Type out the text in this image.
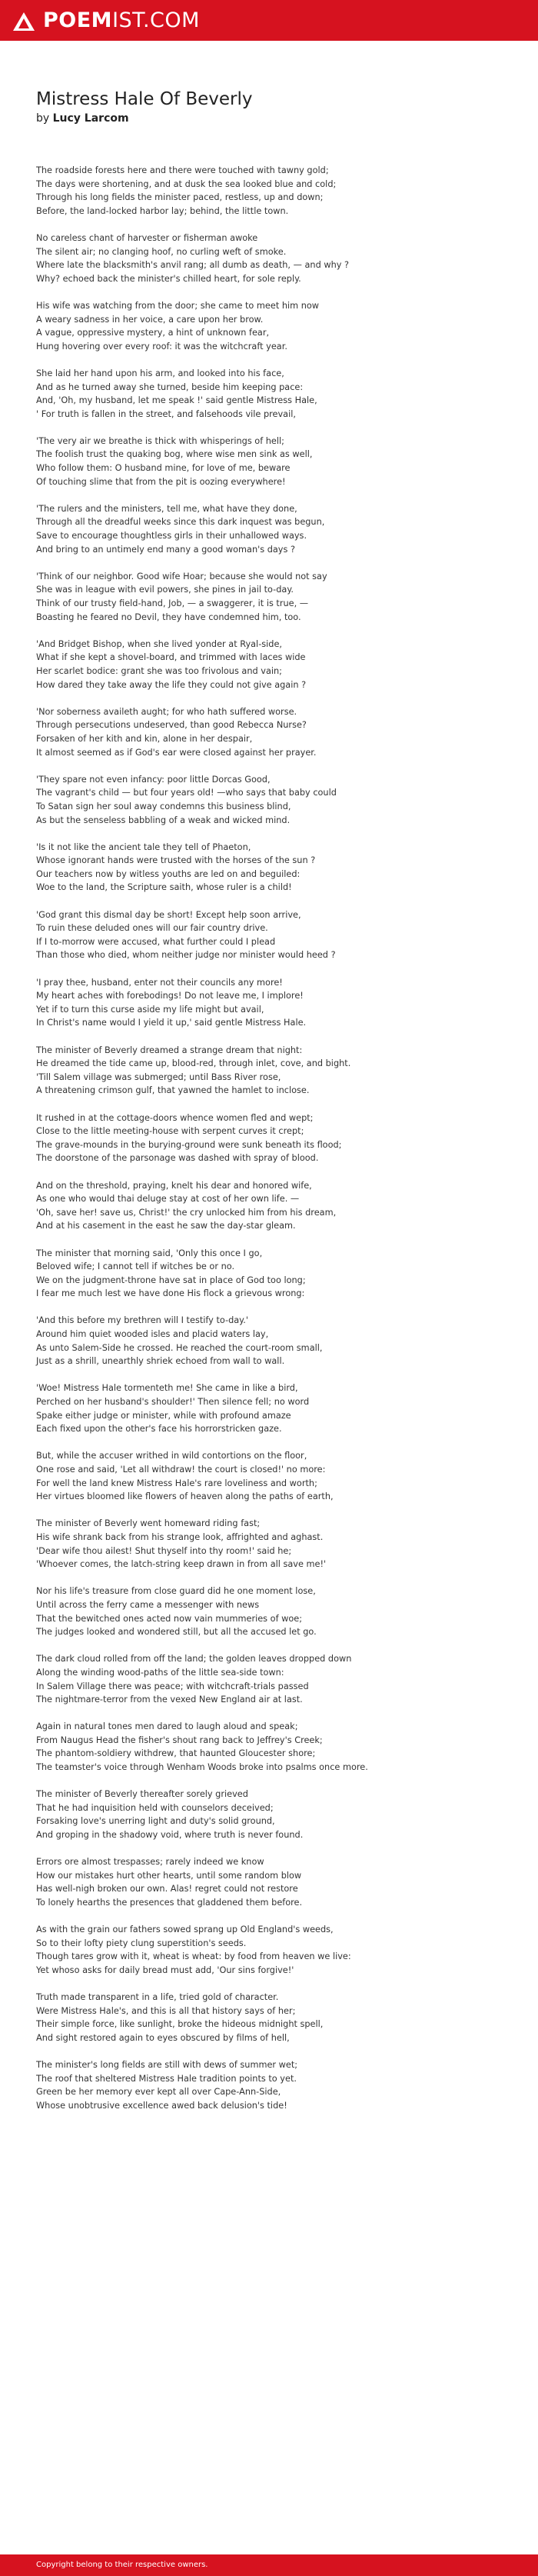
POEMIST.COM
Mistress Hale Of Beverly

by Lucy Larcom

The roadside forests here and there were touched with tawny gold;
The days were shortening, and at dusk the sea looked blue and cold;
Through his long fields the minister paced, restless, up and down;
Before, the land-locked harbor lay; behind, the little town.

No careless chant of harvester or fisherman awoke
The silent air; no clanging hoof, no curling weft of smoke.
Where late the blacksmith's anvil rang; all dumb as death, — and why ?
Why? echoed back the minister's chilled heart, for sole reply.

His wife was watching from the door; she came to meet him now
A weary sadness in her voice, a care upon her brow.
A vague, oppressive mystery, a hint of unknown fear,
Hung hovering over every roof: it was the witchcraft year.

She laid her hand upon his arm, and looked into his face,
And as he turned away she turned, beside him keeping pace:
And, 'Oh, my husband, let me speak !' said gentle Mistress Hale,
' For truth is fallen in the street, and falsehoods vile prevail,

'The very air we breathe is thick with whisperings of hell;
The foolish trust the quaking bog, where wise men sink as well,
Who follow them: O husband mine, for love of me, beware
Of touching slime that from the pit is oozing everywhere!

'The rulers and the ministers, tell me, what have they done,
Through all the dreadful weeks since this dark inquest was begun,
Save to encourage thoughtless girls in their unhallowed ways.
And bring to an untimely end many a good woman's days ?

'Think of our neighbor. Good wife Hoar; because she would not say
She was in league with evil powers, she pines in jail to-day.
Think of our trusty field-hand, Job, — a swaggerer, it is true, —
Boasting he feared no Devil, they have condemned him, too.

'And Bridget Bishop, when she lived yonder at Ryal-side,
What if she kept a shovel-board, and trimmed with laces wide
Her scarlet bodice: grant she was too frivolous and vain;
How dared they take away the life they could not give again ?

'Nor soberness availeth aught; for who hath suffered worse.
Through persecutions undeserved, than good Rebecca Nurse?
Forsaken of her kith and kin, alone in her despair,
It almost seemed as if God's ear were closed against her prayer.

'They spare not even infancy: poor little Dorcas Good,
The vagrant's child — but four years old! —who says that baby could
To Satan sign her soul away condemns this business blind,
As but the senseless babbling of a weak and wicked mind.

'Is it not like the ancient tale they tell of Phaeton,
Whose ignorant hands were trusted with the horses of the sun ?
Our teachers now by witless youths are led on and beguiled:
Woe to the land, the Scripture saith, whose ruler is a child!

'God grant this dismal day be short! Except help soon arrive,
To ruin these deluded ones will our fair country drive.
If I to-morrow were accused, what further could I plead
Than those who died, whom neither judge nor minister would heed ?

'I pray thee, husband, enter not their councils any more!
My heart aches with forebodings! Do not leave me, I implore!
Yet if to turn this curse aside my life might but avail,
In Christ's name would I yield it up,' said gentle Mistress Hale.

The minister of Beverly dreamed a strange dream that night:
He dreamed the tide came up, blood-red, through inlet, cove, and bight.
'Till Salem village was submerged; until Bass River rose,
A threatening crimson gulf, that yawned the hamlet to inclose.

It rushed in at the cottage-doors whence women fled and wept;
Close to the little meeting-house with serpent curves it crept;
The grave-mounds in the burying-ground were sunk beneath its flood;
The doorstone of the parsonage was dashed with spray of blood.

And on the threshold, praying, knelt his dear and honored wife,
As one who would thai deluge stay at cost of her own life. —
'Oh, save her! save us, Christ!' the cry unlocked him from his dream,
And at his casement in the east he saw the day-star gleam.

The minister that morning said, 'Only this once I go,
Beloved wife; I cannot tell if witches be or no.
We on the judgment-throne have sat in place of God too long;
I fear me much lest we have done His flock a grievous wrong:

'And this before my brethren will I testify to-day.'
Around him quiet wooded isles and placid waters lay,
As unto Salem-Side he crossed. He reached the court-room small,
Just as a shrill, unearthly shriek echoed from wall to wall.

'Woe! Mistress Hale tormenteth me! She came in like a bird,
Perched on her husband's shoulder!' Then silence fell; no word
Spake either judge or minister, while with profound amaze
Each fixed upon the other's face his horrorstricken gaze.

But, while the accuser writhed in wild contortions on the floor,
One rose and said, 'Let all withdraw! the court is closed!' no more:
For well the land knew Mistress Hale's rare loveliness and worth;
Her virtues bloomed like flowers of heaven along the paths of earth,

The minister of Beverly went homeward riding fast;
His wife shrank back from his strange look, affrighted and aghast.
'Dear wife thou ailest! Shut thyself into thy room!' said he;
'Whoever comes, the latch-string keep drawn in from all save me!'

Nor his life's treasure from close guard did he one moment lose,
Until across the ferry came a messenger with news
That the bewitched ones acted now vain mummeries of woe;
The judges looked and wondered still, but all the accused let go.

The dark cloud rolled from off the land; the golden leaves dropped down
Along the winding wood-paths of the little sea-side town:
In Salem Village there was peace; with witchcraft-trials passed
The nightmare-terror from the vexed New England air at last.

Again in natural tones men dared to laugh aloud and speak;
From Naugus Head the fisher's shout rang back to Jeffrey's Creek;
The phantom-soldiery withdrew, that haunted Gloucester shore;
The teamster's voice through Wenham Woods broke into psalms once more.

The minister of Beverly thereafter sorely grieved
That he had inquisition held with counselors deceived;
Forsaking love's unerring light and duty's solid ground,
And groping in the shadowy void, where truth is never found.

Errors ore almost trespasses; rarely indeed we know
How our mistakes hurt other hearts, until some random blow
Has well-nigh broken our own. Alas! regret could not restore
To lonely hearths the presences that gladdened them before.

As with the grain our fathers sowed sprang up Old England's weeds,
So to their lofty piety clung superstition's seeds.
Though tares grow with it, wheat is wheat: by food from heaven we live:
Yet whoso asks for daily bread must add, 'Our sins forgive!'

Truth made transparent in a life, tried gold of character.
Were Mistress Hale's, and this is all that history says of her;
Their simple force, like sunlight, broke the hideous midnight spell,
And sight restored again to eyes obscured by films of hell,

The minister's long fields are still with dews of summer wet;
The roof that sheltered Mistress Hale tradition points to yet.
Green be her memory ever kept all over Cape-Ann-Side,
Whose unobtrusive excellence awed back delusion's tide!

Copyright belong to their respective owners.
